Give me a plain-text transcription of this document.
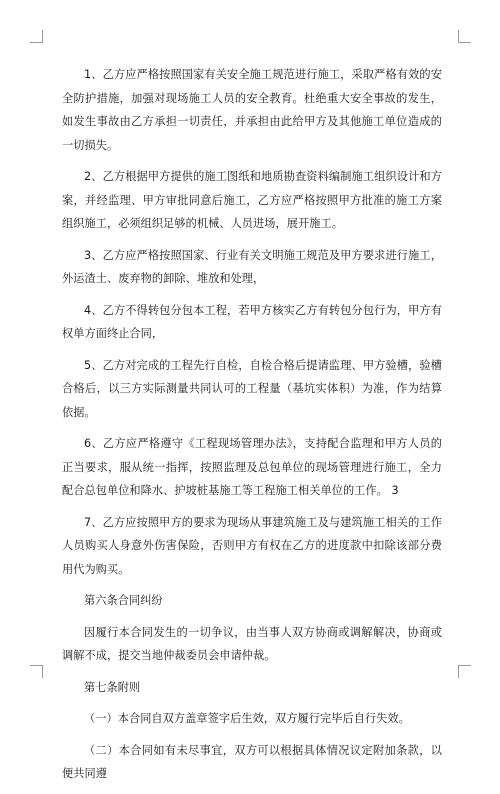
1、乙方应严格按照国家有关安全施工规范进行施工，采取严格有效的安全防护措施，加强对现场施工人员的安全教育。杜绝重大安全事故的发生，如发生事故由乙方承担一切责任，并承担由此给甲方及其他施工单位造成的一切损失。

2、乙方根据甲方提供的施工图纸和地质勘查资料编制施工组织设计和方案，并经监理、甲方审批同意后施工，乙方应严格按照甲方批准的施工方案组织施工，必须组织足够的机械、人员进场，展开施工。

3、乙方应严格按照国家、行业有关文明施工规范及甲方要求进行施工，外运渣土、废弃物的卸除、堆放和处理，

4、乙方不得转包分包本工程，若甲方核实乙方有转包分包行为，甲方有权单方面终止合同，

5、乙方对完成的工程先行自检，自检合格后提请监理、甲方验槽，验槽合格后，以三方实际测量共同认可的工程量（基坑实体积）为准，作为结算依据。

6、乙方应严格遵守《工程现场管理办法》，支持配合监理和甲方人员的正当要求，服从统一指挥，按照监理及总包单位的现场管理进行施工，全力配合总包单位和降水、护坡桩基施工等工程施工相关单位的工作。 3

7、乙方应按照甲方的要求为现场从事建筑施工及与建筑施工相关的工作人员购买人身意外伤害保险，否则甲方有权在乙方的进度款中扣除该部分费用代为购买。

第六条合同纠纷

因履行本合同发生的一切争议，由当事人双方协商或调解解决，协商或调解不成，提交当地仲裁委员会申请仲裁。

第七条附则

（一）本合同自双方盖章签字后生效，双方履行完毕后自行失效。

（二）本合同如有未尽事宜，双方可以根据具体情况议定附加条款，以便共同遵
